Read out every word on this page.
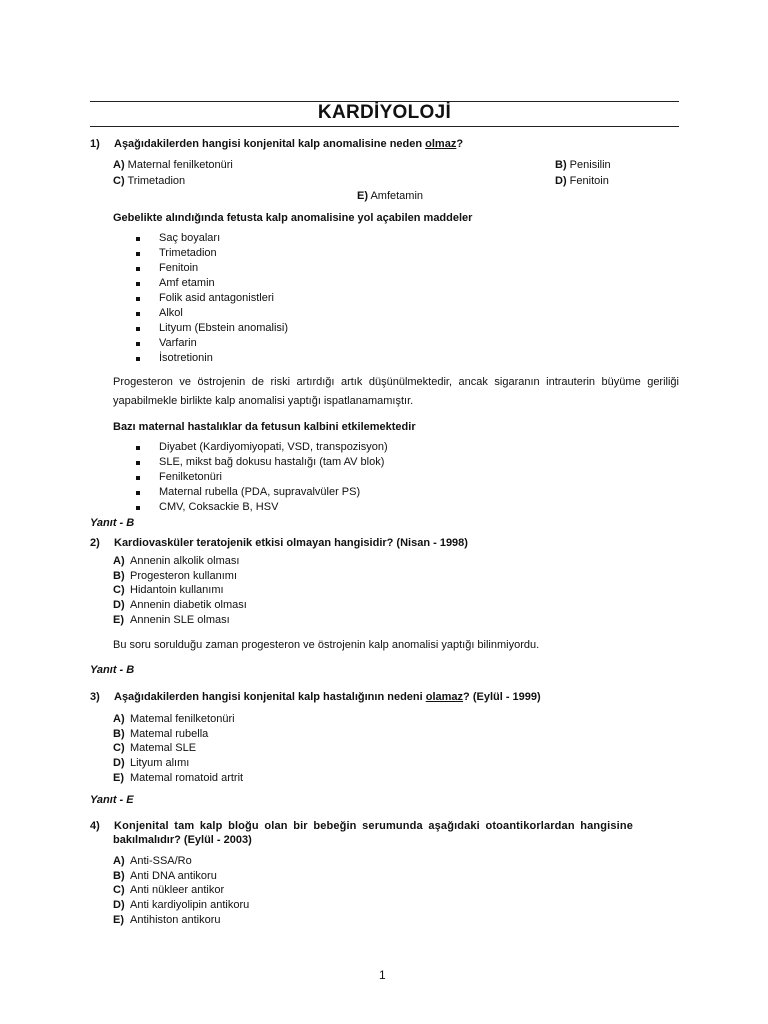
KARDİYOLOJİ
1) Aşağıdakilerden hangisi konjenital kalp anomalisine neden olmaz?
A) Maternal fenilketonüri	B) Penisilin
C) Trimetadion	D) Fenitoin
E) Amfetamin
Gebelikte alındığında fetusta kalp anomalisine yol açabilen maddeler
Saç boyaları
Trimetadion
Fenitoin
Amf etamin
Folik asid antagonistleri
Alkol
Lityum (Ebstein anomalisi)
Varfarin
İsotretionin
Progesteron ve östrojenin de riski artırdığı artık düşünülmektedir, ancak sigaranın intrauterin büyüme geriliği yapabilmekle birlikte kalp anomalisi yaptığı ispatlanamamıştır.
Bazı maternal hastalıklar da fetusun kalbini etkilemektedir
Diyabet (Kardiyomiyopati, VSD, transpozisyon)
SLE, mikst bağ dokusu hastalığı (tam AV blok)
Fenilketonüri
Maternal rubella (PDA, supravalvüler PS)
CMV, Coksackie B, HSV
Yanıt - B
2) Kardiovasküler teratojenik etkisi olmayan hangisidir? (Nisan - 1998)
A) Annenin alkolik olması
B) Progesteron kullanımı
C) Hidantoin kullanımı
D) Annenin diabetik olması
E) Annenin SLE olması
Bu soru sorulduğu zaman progesteron ve östrojenin kalp anomalisi yaptığı bilinmiyordu.
Yanıt - B
3) Aşağıdakilerden hangisi konjenital kalp hastalığının nedeni olamaz? (Eylül - 1999)
A) Matemal fenilketonüri
B) Matemal rubella
C) Matemal SLE
D) Lityum alımı
E) Matemal romatoid artrit
Yanıt - E
4) Konjenital tam kalp bloğu olan bir bebeğin serumunda aşağıdaki otoantikorlardan hangisine
bakılmalıdır? (Eylül - 2003)
A) Anti-SSA/Ro
B) Anti DNA antikoru
C) Anti nükleer antikor
D) Anti kardiyolipin antikoru
E) Antihiston antikoru
1
